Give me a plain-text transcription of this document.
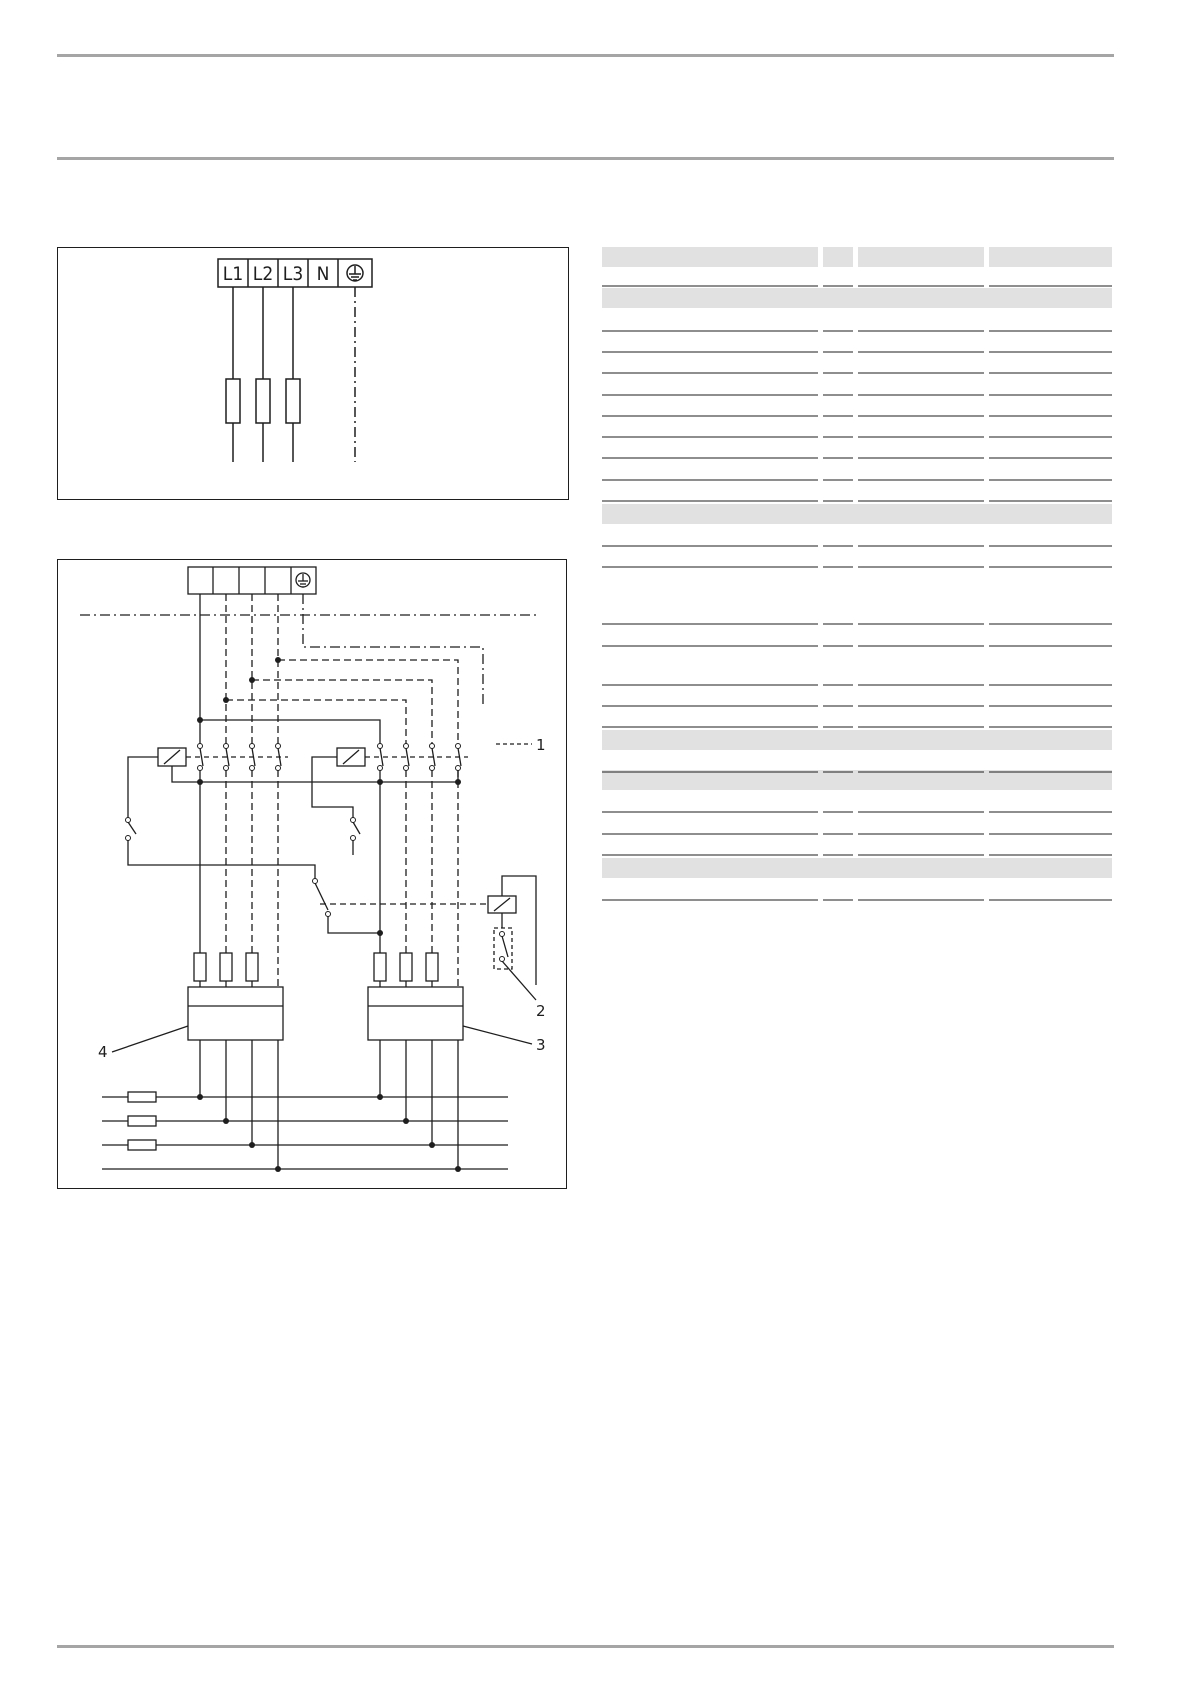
L1 L2 L3 N
1
2
3
4
